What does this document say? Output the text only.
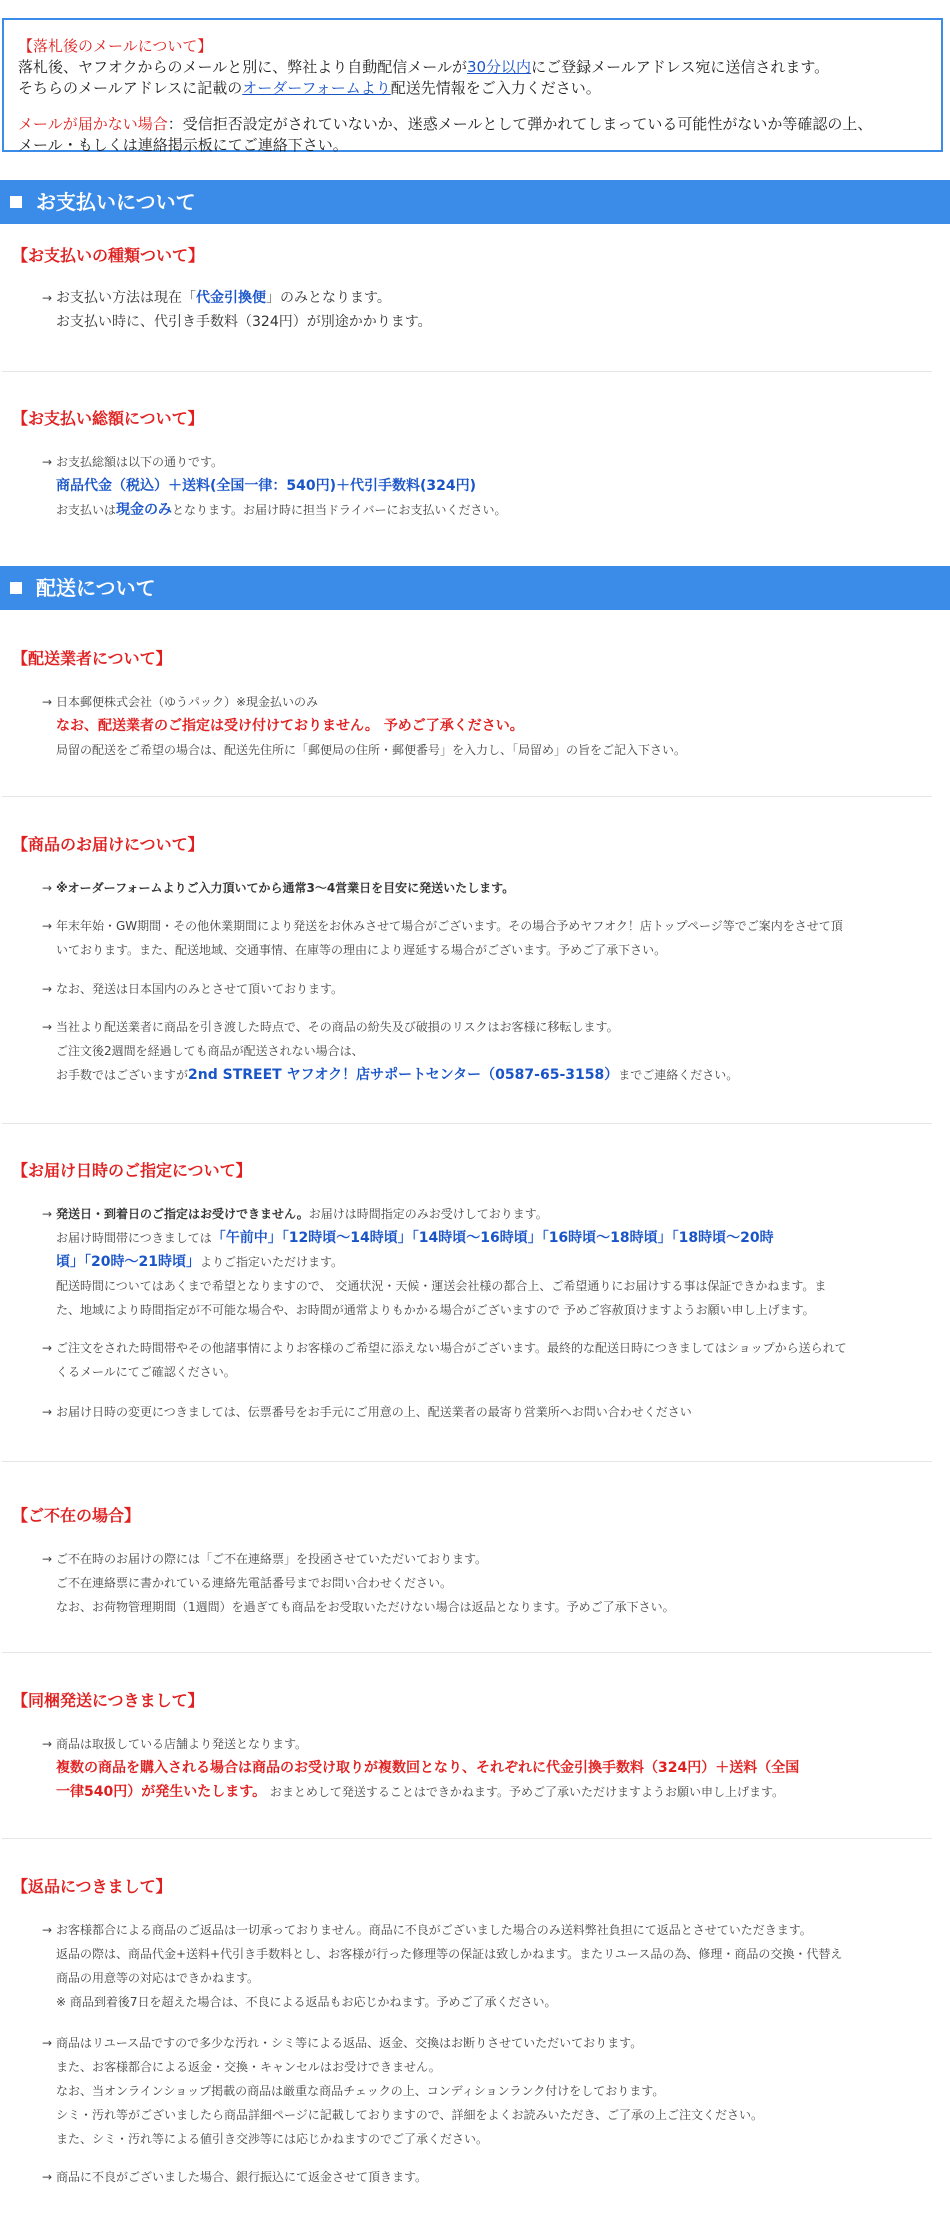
【落札後のメールについて】

落札後、ヤフオクからのメールと別に、弊社より自動配信メールが30分以内にご登録メールアドレス宛に送信されます。

そちらのメールアドレスに記載のオーダーフォームより配送先情報をご入力ください。

メールが届かない場合：受信拒否設定がされていないか、迷惑メールとして弾かれてしまっている可能性がないか等確認の上、

メール・もしくは連絡掲示板にてご連絡下さい。

お支払いについて
【お支払いの種類ついて】
→ お支払い方法は現在「代金引換便」のみとなります。
お支払い時に、代引き手数料（324円）が別途かかります。
【お支払い総額について】
→ お支払総額は以下の通りです。
商品代金（税込）＋送料(全国一律：540円)＋代引手数料(324円)
お支払いは現金のみとなります。お届け時に担当ドライバーにお支払いください。
配送について
【配送業者について】
→ 日本郵便株式会社（ゆうパック）※現金払いのみ
なお、配送業者のご指定は受け付けておりません。 予めご了承ください。
局留の配送をご希望の場合は、配送先住所に「郵便局の住所・郵便番号」を入力し、「局留め」の旨をご記入下さい。
【商品のお届けについて】
→ ※オーダーフォームよりご入力頂いてから通常3～4営業日を目安に発送いたします。
→ 年末年始・GW期間・その他休業期間により発送をお休みさせて場合がございます。その場合予めヤフオク！店トップページ等でご案内をさせて頂
いております。また、配送地域、交通事情、在庫等の理由により遅延する場合がございます。予めご了承下さい。
→ なお、発送は日本国内のみとさせて頂いております。
→ 当社より配送業者に商品を引き渡した時点で、その商品の紛失及び破損のリスクはお客様に移転します。
ご注文後2週間を経過しても商品が配送されない場合は、
お手数ではございますが2nd STREET ヤフオク！店サポートセンター（0587-65-3158）までご連絡ください。
【お届け日時のご指定について】
→ 発送日・到着日のご指定はお受けできません。お届けは時間指定のみお受けしております。
お届け時間帯につきましては「午前中」「12時頃～14時頃」「14時頃～16時頃」「16時頃～18時頃」「18時頃～20時
頃」「20時～21時頃」よりご指定いただけます。
配送時間についてはあくまで希望となりますので、 交通状況・天候・運送会社様の都合上、ご希望通りにお届けする事は保証できかねます。ま
た、地域により時間指定が不可能な場合や、お時間が通常よりもかかる場合がございますので 予めご容赦頂けますようお願い申し上げます。
→ ご注文をされた時間帯やその他諸事情によりお客様のご希望に添えない場合がございます。最終的な配送日時につきましてはショップから送られて
くるメールにてご確認ください。
→ お届け日時の変更につきましては、伝票番号をお手元にご用意の上、配送業者の最寄り営業所へお問い合わせください
【ご不在の場合】
→ ご不在時のお届けの際には「ご不在連絡票」を投函させていただいております。
ご不在連絡票に書かれている連絡先電話番号までお問い合わせください。
なお、お荷物管理期間（1週間）を過ぎても商品をお受取いただけない場合は返品となります。予めご了承下さい。
【同梱発送につきまして】
→ 商品は取扱している店舗より発送となります。
複数の商品を購入される場合は商品のお受け取りが複数回となり、それぞれに代金引換手数料（324円）＋送料（全国
一律540円）が発生いたします。 おまとめして発送することはできかねます。予めご了承いただけますようお願い申し上げます。
【返品につきまして】
→ お客様都合による商品のご返品は一切承っておりません。商品に不良がございました場合のみ送料弊社負担にて返品とさせていただきます。
返品の際は、商品代金+送料+代引き手数料とし、お客様が行った修理等の保証は致しかねます。またリユース品の為、修理・商品の交換・代替え
商品の用意等の対応はできかねます。
※ 商品到着後7日を超えた場合は、不良による返品もお応じかねます。予めご了承ください。
→ 商品はリユース品ですので多少な汚れ・シミ等による返品、返金、交換はお断りさせていただいております。
また、お客様都合による返金・交換・キャンセルはお受けできません。
なお、当オンラインショップ掲載の商品は厳重な商品チェックの上、コンディションランク付けをしております。
シミ・汚れ等がございましたら商品詳細ページに記載しておりますので、詳細をよくお読みいただき、ご了承の上ご注文ください。
また、シミ・汚れ等による値引き交渉等には応じかねますのでご了承ください。
→ 商品に不良がございました場合、銀行振込にて返金させて頂きます。
